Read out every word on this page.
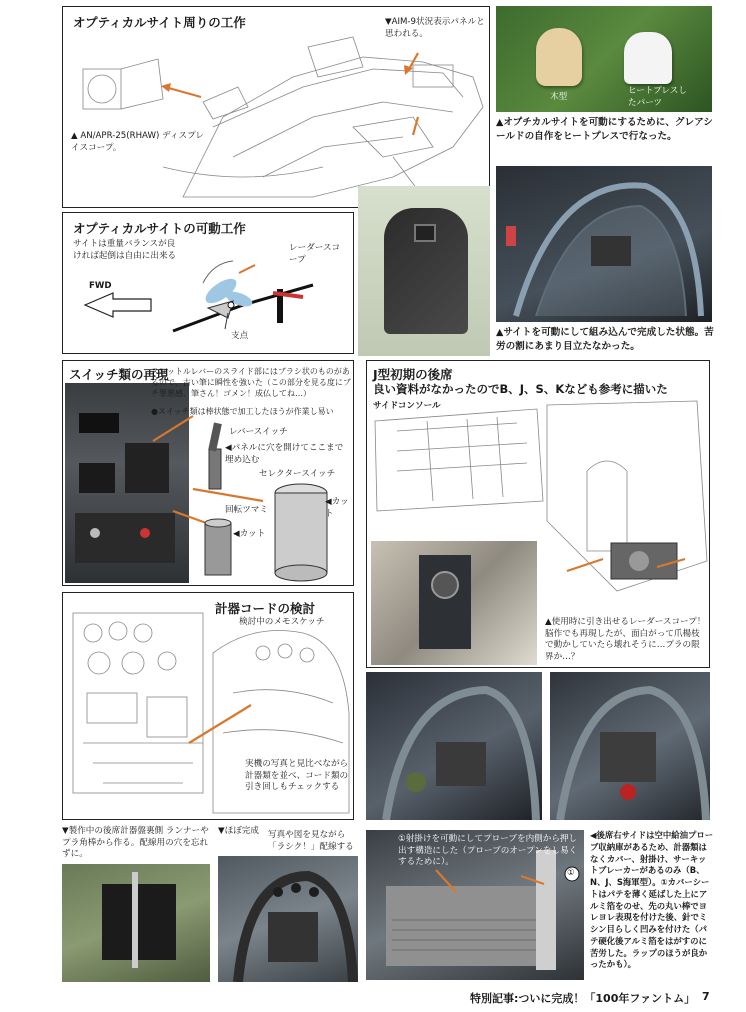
オプティカルサイト周りの工作	▼AIM-9状況表示パネルと思われる。
▲ AN/APR-25(RHAW) ディスプレイスコープ。
木型
ヒートプレスしたパーツ
▲オプチカルサイトを可動にするために、グレアシールドの自作をヒートプレスで行なった。
▲サイトを可動にして組み込んで完成した状態。苦労の割にあまり目立たなかった。
オプティカルサイトの可動工作
サイトは重量バランスが良ければ起倒は自由に出来る
レーダースコープ
FWD
支点
スイッチ類の再現
スロットルレバーのスライド部にはブラシ状のものがあるので、古い筆に瞬性を強いた（この部分を見る度にブチ罪悪感、筆さん！ゴメン！成仏してね…）
●スイッチ類は棒状態で加工したほうが作業し易い
レバースイッチ
◀パネルに穴を開けてここまで埋め込む
セレクタースイッチ
◀カット
回転ツマミ
◀カット
J型初期の後席
良い資料がなかったのでB、J、S、Kなども参考に描いた
サイドコンソール
▲使用時に引き出せるレーダースコープ！脳作でも再現したが、面白がって爪楊枝で動かしていたら壊れそうに…プラの限界か…？
計器コードの検討
検討中のメモスケッチ
実機の写真と見比べながら計器類を並べ、コード類の引き回しもチェックする
▼製作中の後席計器盤裏側 ランナーやプラ角棒から作る。配線用の穴を忘れずに。
▼ほぼ完成 写真や図を見ながら「ラシク！」配線する
①射掛けを可動にしてプローブを内側から押し出す構造にした（プローブのオープンをし易くするために）。
①
◀後席右サイドは空中給油プローブ収納庫があるため、計器類はなくカバー、射掛け、サーキットブレーカーがあるのみ（B、N、J、S海軍型）。①カバーシートはパテを薄く延ばした上にアルミ箔をのせ、先の丸い棒でヨレヨレ表現を付けた後、針でミシン目らしく凹みを付けた（パテ硬化後アルミ箔をはがすのに苦労した。ラップのほうが良かったかも）。
特別記事:ついに完成！「100年ファントム」 7
